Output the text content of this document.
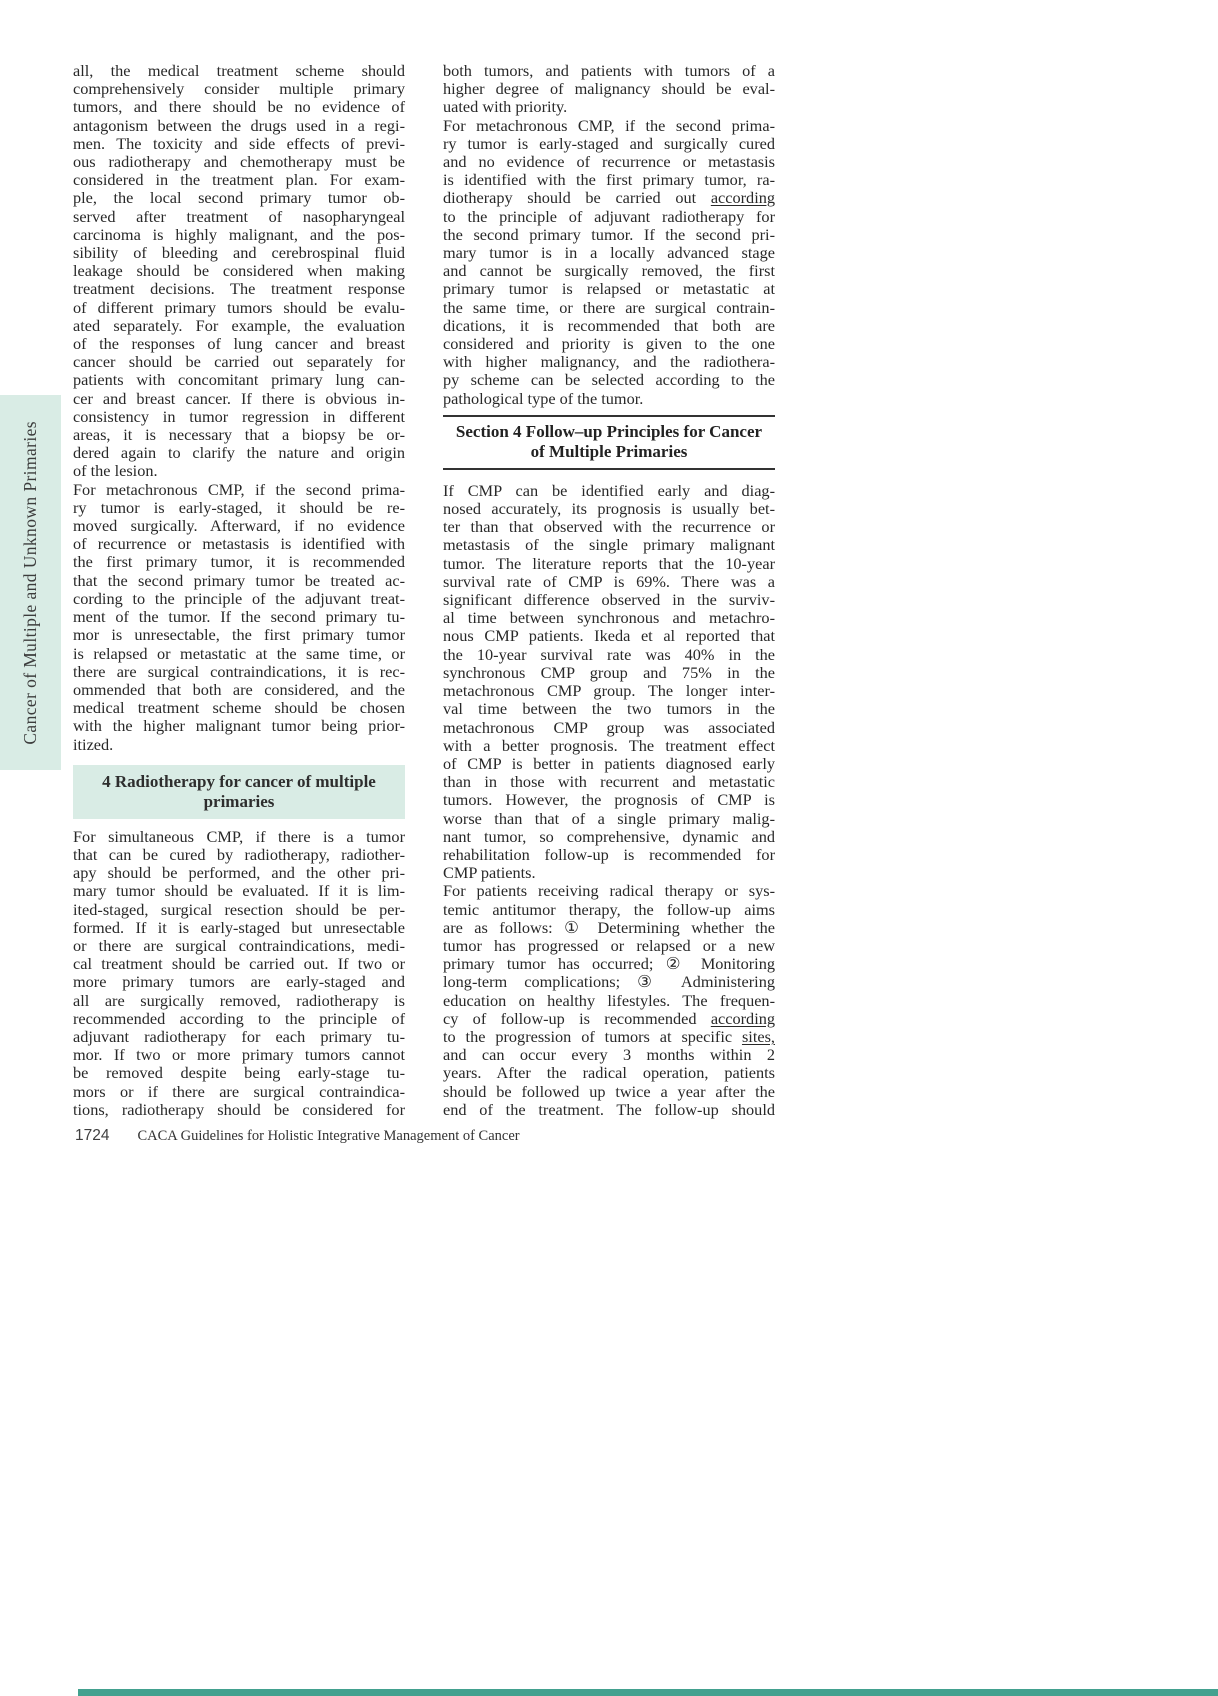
Cancer of Multiple and Unknown Primaries
all, the medical treatment scheme should
comprehensively consider multiple primary
tumors, and there should be no evidence of
antagonism between the drugs used in a regi-
men. The toxicity and side effects of previ-
ous radiotherapy and chemotherapy must be
considered in the treatment plan. For exam-
ple, the local second primary tumor ob-
served after treatment of nasopharyngeal
carcinoma is highly malignant, and the pos-
sibility of bleeding and cerebrospinal fluid
leakage should be considered when making
treatment decisions. The treatment response
of different primary tumors should be evalu-
ated separately. For example, the evaluation
of the responses of lung cancer and breast
cancer should be carried out separately for
patients with concomitant primary lung can-
cer and breast cancer. If there is obvious in-
consistency in tumor regression in different
areas, it is necessary that a biopsy be or-
dered again to clarify the nature and origin
of the lesion.
For metachronous CMP, if the second prima-
ry tumor is early-staged, it should be re-
moved surgically. Afterward, if no evidence
of recurrence or metastasis is identified with
the first primary tumor, it is recommended
that the second primary tumor be treated ac-
cording to the principle of the adjuvant treat-
ment of the tumor. If the second primary tu-
mor is unresectable, the first primary tumor
is relapsed or metastatic at the same time, or
there are surgical contraindications, it is rec-
ommended that both are considered, and the
medical treatment scheme should be chosen
with the higher malignant tumor being prior-
itized.
4 Radiotherapy for cancer of multiple
primaries
For simultaneous CMP, if there is a tumor
that can be cured by radiotherapy, radiother-
apy should be performed, and the other pri-
mary tumor should be evaluated. If it is lim-
ited-staged, surgical resection should be per-
formed. If it is early-staged but unresectable
or there are surgical contraindications, medi-
cal treatment should be carried out. If two or
more primary tumors are early-staged and
all are surgically removed, radiotherapy is
recommended according to the principle of
adjuvant radiotherapy for each primary tu-
mor. If two or more primary tumors cannot
be removed despite being early-stage tu-
mors or if there are surgical contraindica-
tions, radiotherapy should be considered for
both tumors, and patients with tumors of a
higher degree of malignancy should be eval-
uated with priority.
For metachronous CMP, if the second prima-
ry tumor is early-staged and surgically cured
and no evidence of recurrence or metastasis
is identified with the first primary tumor, ra-
diotherapy should be carried out according
to the principle of adjuvant radiotherapy for
the second primary tumor. If the second pri-
mary tumor is in a locally advanced stage
and cannot be surgically removed, the first
primary tumor is relapsed or metastatic at
the same time, or there are surgical contrain-
dications, it is recommended that both are
considered and priority is given to the one
with higher malignancy, and the radiothera-
py scheme can be selected according to the
pathological type of the tumor.
Section 4 Follow–up Principles for Cancer
of Multiple Primaries
If CMP can be identified early and diag-
nosed accurately, its prognosis is usually bet-
ter than that observed with the recurrence or
metastasis of the single primary malignant
tumor. The literature reports that the 10-year
survival rate of CMP is 69%. There was a
significant difference observed in the surviv-
al time between synchronous and metachro-
nous CMP patients. Ikeda et al reported that
the 10-year survival rate was 40% in the
synchronous CMP group and 75% in the
metachronous CMP group. The longer inter-
val time between the two tumors in the
metachronous CMP group was associated
with a better prognosis. The treatment effect
of CMP is better in patients diagnosed early
than in those with recurrent and metastatic
tumors. However, the prognosis of CMP is
worse than that of a single primary malig-
nant tumor, so comprehensive, dynamic and
rehabilitation follow-up is recommended for
CMP patients.
For patients receiving radical therapy or sys-
temic antitumor therapy, the follow-up aims
are as follows: ① Determining whether the
tumor has progressed or relapsed or a new
primary tumor has occurred; ② Monitoring
long-term complications; ③ Administering
education on healthy lifestyles. The frequen-
cy of follow-up is recommended according
to the progression of tumors at specific sites,
and can occur every 3 months within 2
years. After the radical operation, patients
should be followed up twice a year after the
end of the treatment. The follow-up should
1724 CACA Guidelines for Holistic Integrative Management of Cancer
